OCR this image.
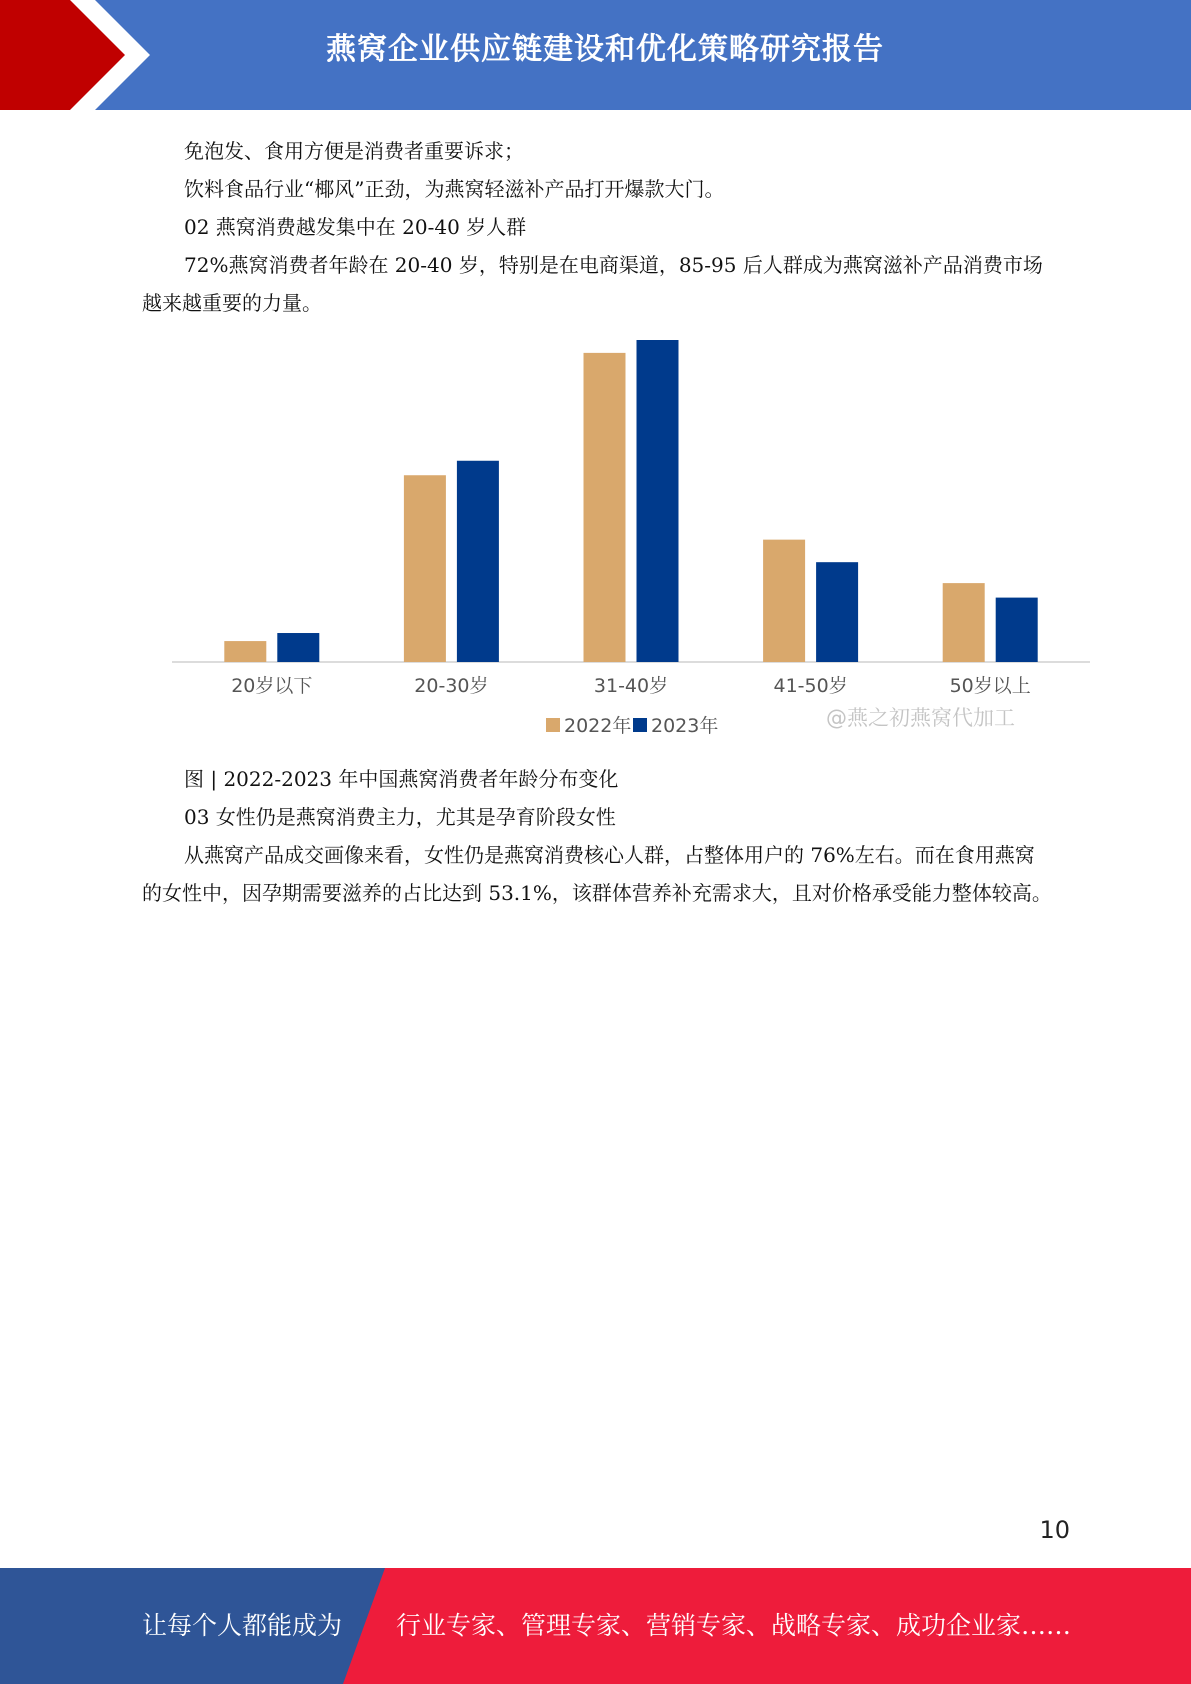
燕窝企业供应链建设和优化策略研究报告

免泡发、食用方便是消费者重要诉求；

饮料食品行业“椰风”正劲，为燕窝轻滋补产品打开爆款大门。

02 燕窝消费越发集中在 20-40 岁人群

72%燕窝消费者年龄在 20-40 岁，特别是在电商渠道，85-95 后人群成为燕窝滋补产品消费市场越来越重要的力量。

20岁以下	20-30岁	31-40岁	41-50岁	50岁以上
2022年 2023年	@燕之初燕窝代加工

图 | 2022-2023 年中国燕窝消费者年龄分布变化

03 女性仍是燕窝消费主力，尤其是孕育阶段女性

从燕窝产品成交画像来看，女性仍是燕窝消费核心人群，占整体用户的 76%左右。而在食用燕窝的女性中，因孕期需要滋养的占比达到 53.1%，该群体营养补充需求大，且对价格承受能力整体较高。

10
让每个人都能成为 行业专家、管理专家、营销专家、战略专家、成功企业家……
